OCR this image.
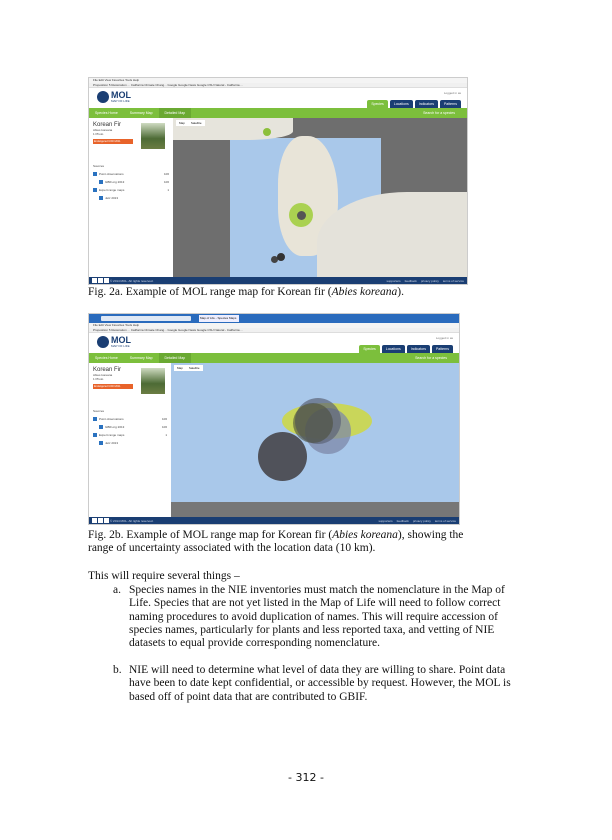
File Edit View Favorites Tools Help
Proposition 5 Restoration ... California Climate Chang... Google Google News Google CSU Natural - California ...
MOL
MAP OF LIFE
Logged in as
Species	Locations	Indicators	Patterns
Species Home	Summary Map	Detailed Map	Search for a species
Korean Fir
Abies koreana
1 Photo
Endangered IUCN 2011
Sources
Point observations	106
GBIF.org 2013	106
Expert range maps	1
Jetz 2013
Map Satellite
© 2014 MOL. All rights reserved.	supporters feedback privacy policy terms of service
Fig. 2a. Example of MOL range map for Korean fir (Abies koreana).
Map of Life - Species Maps
File Edit View Favorites Tools Help
Proposition 5 Restoration ... California Climate Chang... Google Google News Google CSU Natural - California ...
MOL
MAP OF LIFE
Logged in as
Species	Locations	Indicators	Patterns
Species Home	Summary Map	Detailed Map	Search for a species
Korean Fir
Abies koreana
1 Photo
Endangered IUCN 2011
Sources
Point observations	106
GBIF.org 2013	106
Expert range maps	1
Jetz 2013
Map Satellite
© 2014 MOL. All rights reserved.	supporters feedback privacy policy terms of service
Fig. 2b. Example of MOL range map for Korean fir (Abies koreana), showing the range of uncertainty associated with the location data (10 km).
This will require several things –
a. Species names in the NIE inventories must match the nomenclature in the Map of Life. Species that are not yet listed in the Map of Life will need to follow correct naming procedures to avoid duplication of names. This will require accession of species names, particularly for plants and less reported taxa, and vetting of NIE datasets to equal provide corresponding nomenclature.
b. NIE will need to determine what level of data they are willing to share. Point data have been to date kept confidential, or accessible by request. However, the MOL is based off of point data that are contributed to GBIF.
- 312 -
